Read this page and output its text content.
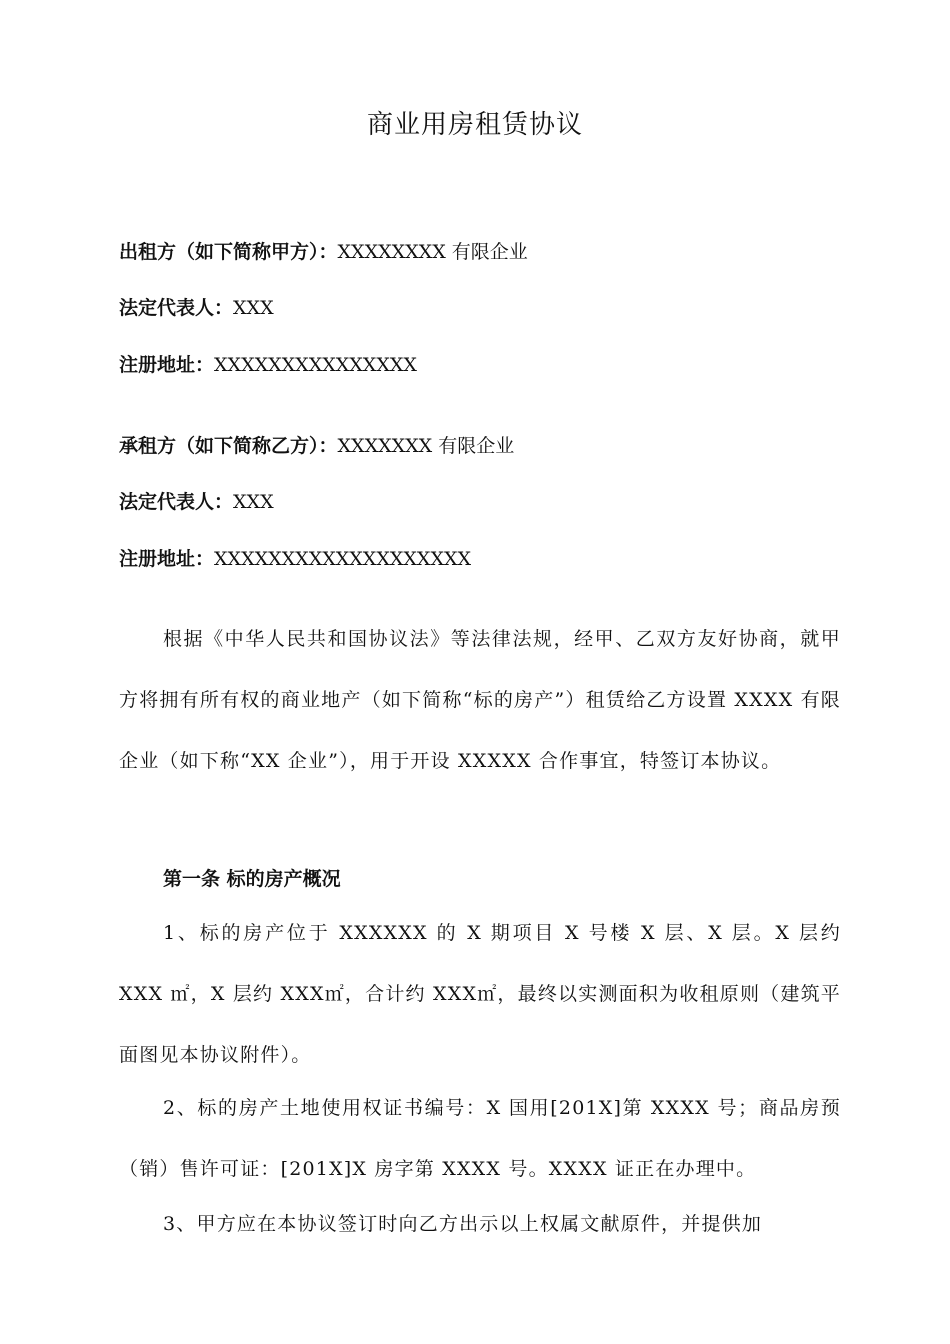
商业用房租赁协议
出租方（如下简称甲方）：XXXXXXXX 有限企业
法定代表人：XXX
注册地址：XXXXXXXXXXXXXXX
承租方（如下简称乙方）：XXXXXXX 有限企业
法定代表人：XXX
注册地址：XXXXXXXXXXXXXXXXXXX

根据《中华人民共和国协议法》等法律法规，经甲、乙双方友好协商，就甲方将拥有所有权的商业地产（如下简称“标的房产”）租赁给乙方设置 XXXX 有限企业（如下称“XX 企业”），用于开设 XXXXX 合作事宜，特签订本协议。

第一条 标的房产概况

1、标的房产位于 XXXXXX 的 X 期项目 X 号楼 X 层、X 层。X 层约 XXX ㎡，X 层约 XXX㎡，合计约 XXX㎡，最终以实测面积为收租原则（建筑平面图见本协议附件）。

2、标的房产土地使用权证书编号：X 国用[201X]第 XXXX 号；商品房预（销）售许可证：[201X]X 房字第 XXXX 号。XXXX 证正在办理中。

3、甲方应在本协议签订时向乙方出示以上权属文献原件，并提供加
